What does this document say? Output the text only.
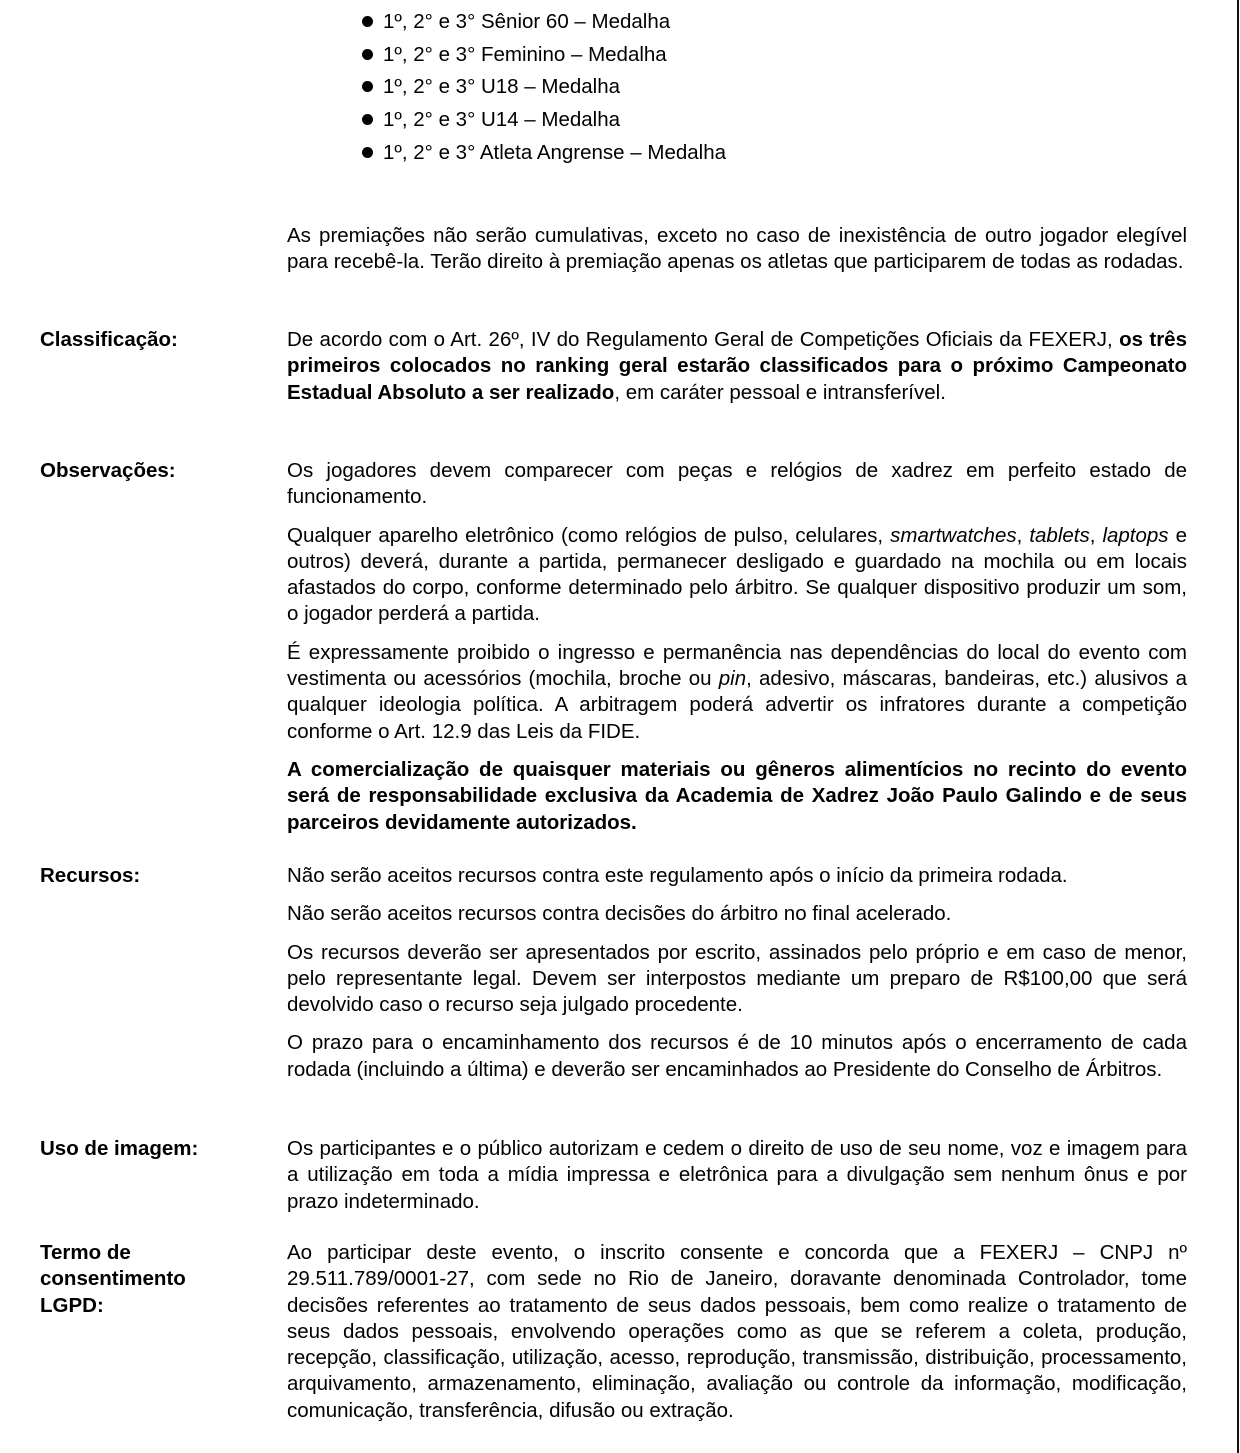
1º, 2° e 3° Sênior 60 – Medalha
1º, 2° e 3° Feminino – Medalha
1º, 2° e 3° U18 – Medalha
1º, 2° e 3° U14 – Medalha
1º, 2° e 3° Atleta Angrense – Medalha

As premiações não serão cumulativas, exceto no caso de inexistência de outro jogador elegível para recebê-la. Terão direito à premiação apenas os atletas que participarem de todas as rodadas.

Classificação:	De acordo com o Art. 26º, IV do Regulamento Geral de Competições Oficiais da FEXERJ, os três primeiros colocados no ranking geral estarão classificados para o próximo Campeonato Estadual Absoluto a ser realizado, em caráter pessoal e intransferível.

Observações:	Os jogadores devem comparecer com peças e relógios de xadrez em perfeito estado de funcionamento.

Qualquer aparelho eletrônico (como relógios de pulso, celulares, smartwatches, tablets, laptops e outros) deverá, durante a partida, permanecer desligado e guardado na mochila ou em locais afastados do corpo, conforme determinado pelo árbitro. Se qualquer dispositivo produzir um som, o jogador perderá a partida.

É expressamente proibido o ingresso e permanência nas dependências do local do evento com vestimenta ou acessórios (mochila, broche ou pin, adesivo, máscaras, bandeiras, etc.) alusivos a qualquer ideologia política. A arbitragem poderá advertir os infratores durante a competição conforme o Art. 12.9 das Leis da FIDE.

A comercialização de quaisquer materiais ou gêneros alimentícios no recinto do evento será de responsabilidade exclusiva da Academia de Xadrez João Paulo Galindo e de seus parceiros devidamente autorizados.

Recursos:	Não serão aceitos recursos contra este regulamento após o início da primeira rodada.

Não serão aceitos recursos contra decisões do árbitro no final acelerado.

Os recursos deverão ser apresentados por escrito, assinados pelo próprio e em caso de menor, pelo representante legal. Devem ser interpostos mediante um preparo de R$100,00 que será devolvido caso o recurso seja julgado procedente.

O prazo para o encaminhamento dos recursos é de 10 minutos após o encerramento de cada rodada (incluindo a última) e deverão ser encaminhados ao Presidente do Conselho de Árbitros.

Uso de imagem:	Os participantes e o público autorizam e cedem o direito de uso de seu nome, voz e imagem para a utilização em toda a mídia impressa e eletrônica para a divulgação sem nenhum ônus e por prazo indeterminado.

Termo de
consentimento
LGPD:

Ao participar deste evento, o inscrito consente e concorda que a FEXERJ – CNPJ nº 29.511.789/0001-27, com sede no Rio de Janeiro, doravante denominada Controlador, tome decisões referentes ao tratamento de seus dados pessoais, bem como realize o tratamento de seus dados pessoais, envolvendo operações como as que se referem a coleta, produção, recepção, classificação, utilização, acesso, reprodução, transmissão, distribuição, processamento, arquivamento, armazenamento, eliminação, avaliação ou controle da informação, modificação, comunicação, transferência, difusão ou extração.
